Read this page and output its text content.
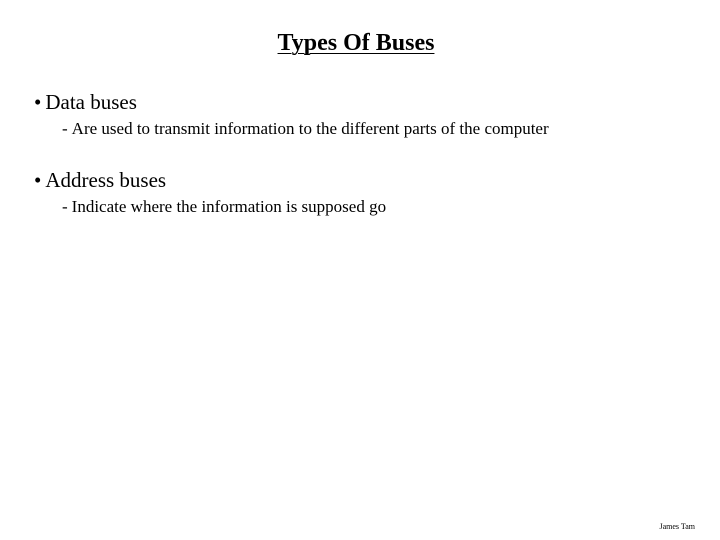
Types Of Buses
• Data buses
- Are used to transmit information to the different parts of the computer
• Address buses
- Indicate where the information is supposed go
James Tam
